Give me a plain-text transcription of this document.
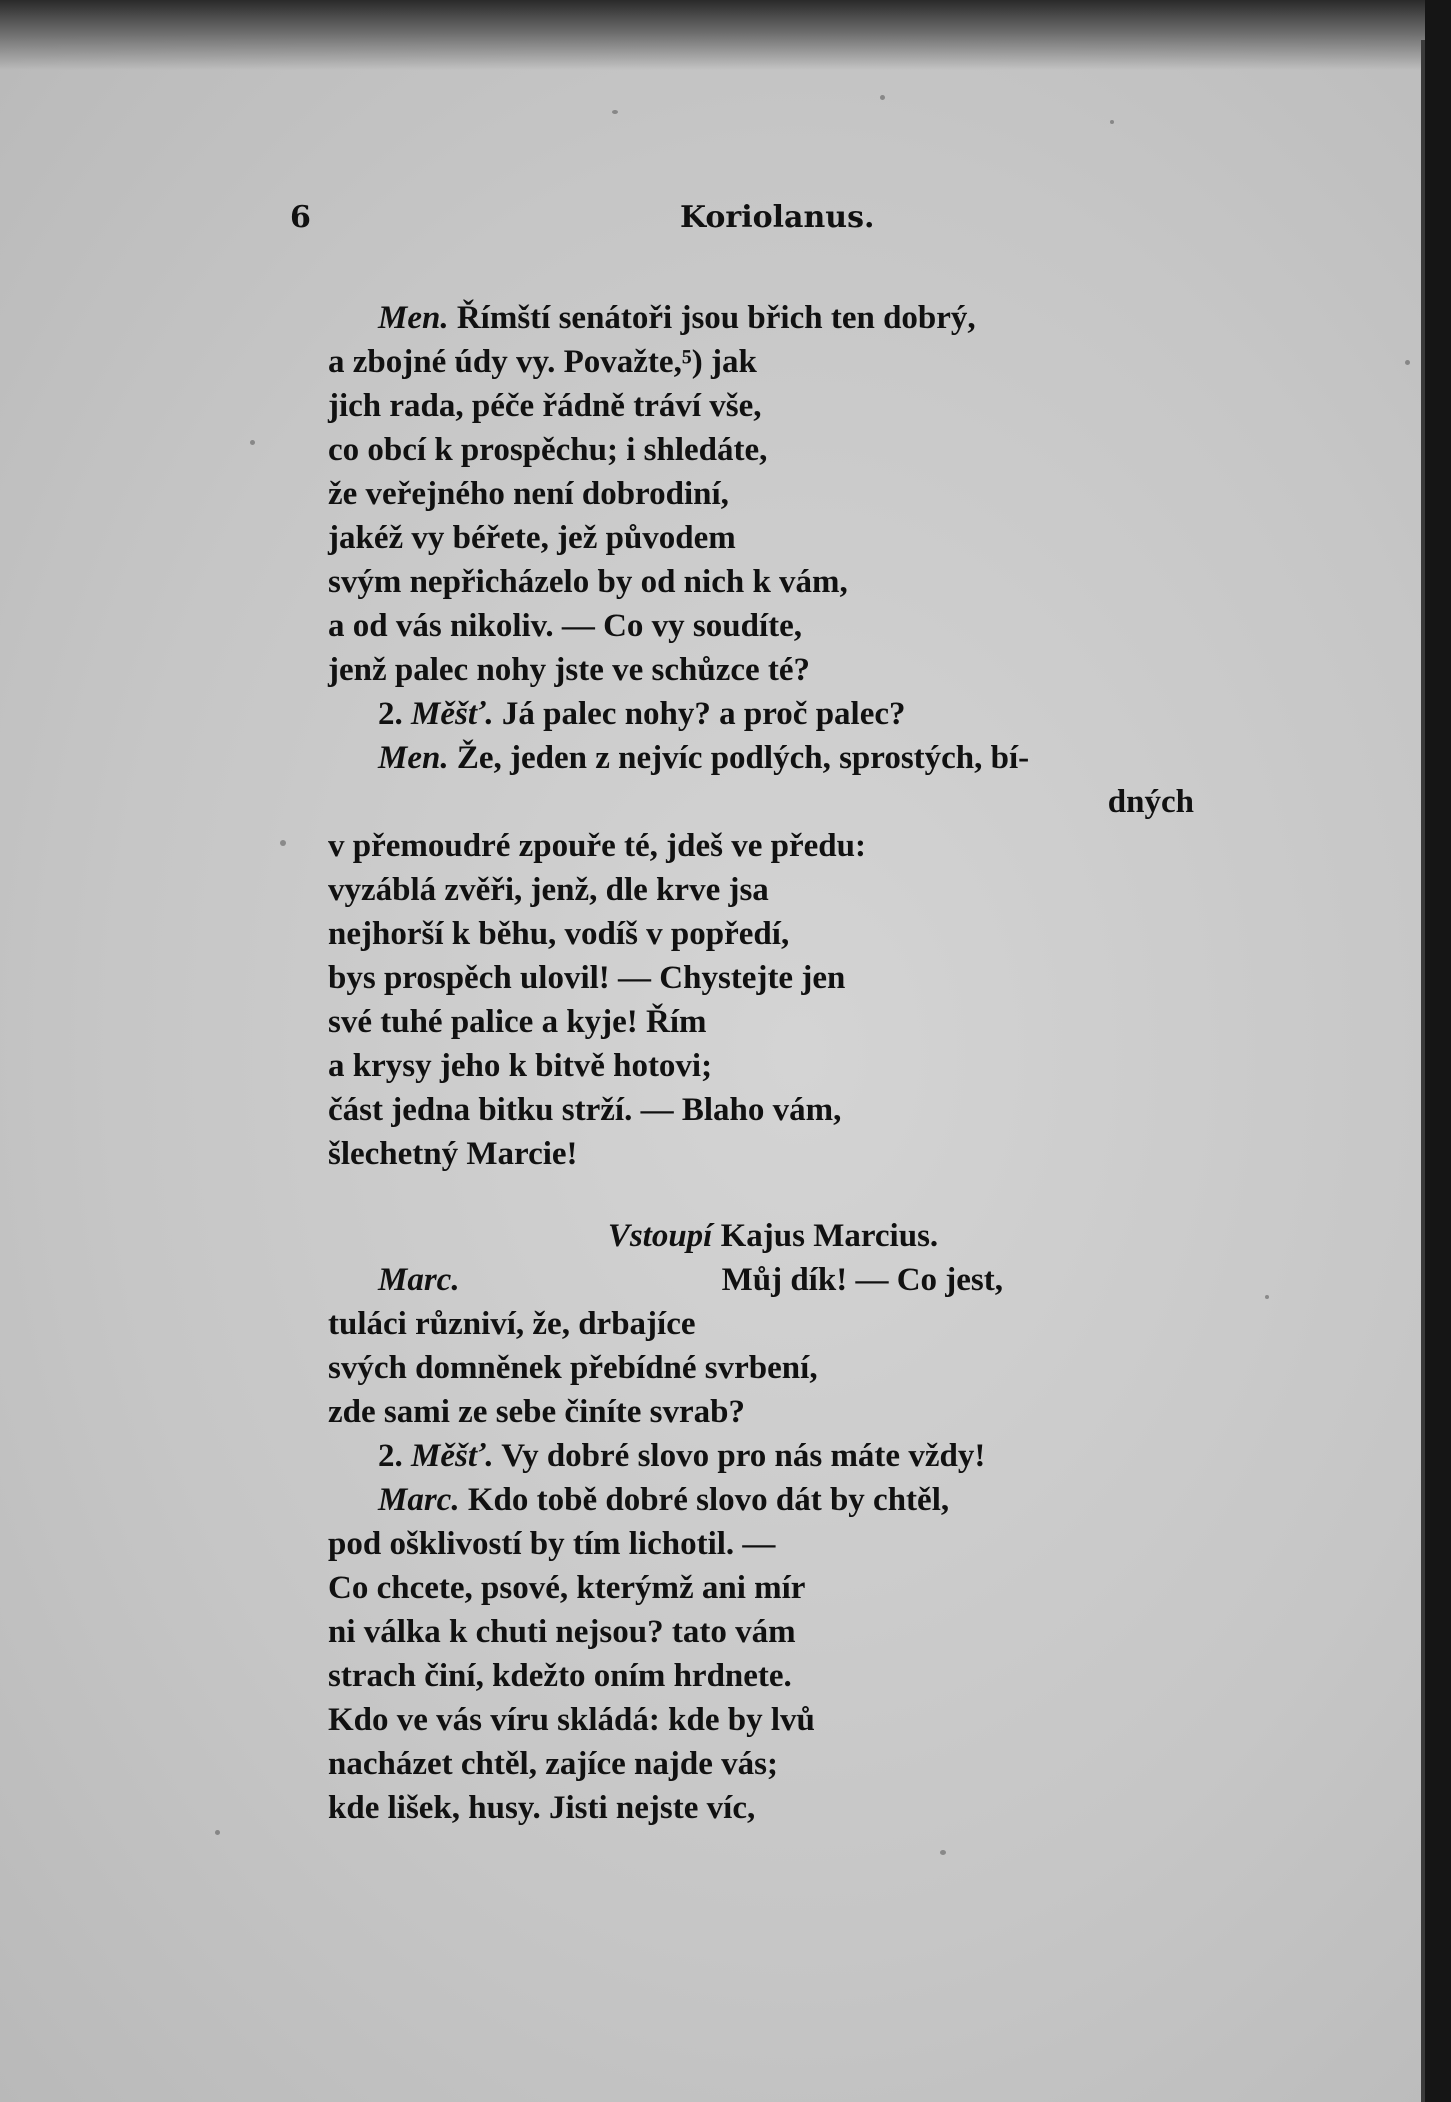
6	Koriolanus.
Men. Římští senátoři jsou břich ten dobrý,
a zbojné údy vy. Považte,⁵) jak
jich rada, péče řádně tráví vše,
co obcí k prospěchu; i shledáte,
že veřejného není dobrodiní,
jakéž vy béřete, jež původem
svým nepřicházelo by od nich k vám,
a od vás nikoliv. — Co vy soudíte,
jenž palec nohy jste ve schůzce té?
2. Měšť. Já palec nohy? a proč palec?
Men. Že, jeden z nejvíc podlých, sprostých, bí-
dných
v přemoudré zpouře té, jdeš ve předu:
vyzáblá zvěři, jenž, dle krve jsa
nejhorší k běhu, vodíš v popředí,
bys prospěch ulovil! — Chystejte jen
své tuhé palice a kyje! Řím
a krysy jeho k bitvě hotovi;
část jedna bitku strží. — Blaho vám,
šlechetný Marcie!
Vstoupí Kajus Marcius.
Marc.	Můj dík! — Co jest,
tuláci různiví, že, drbajíce
svých domněnek přebídné svrbení,
zde sami ze sebe činíte svrab?
2. Měšť. Vy dobré slovo pro nás máte vždy!
Marc. Kdo tobě dobré slovo dát by chtěl,
pod ošklivostí by tím lichotil. —
Co chcete, psové, kterýmž ani mír
ni válka k chuti nejsou? tato vám
strach činí, kdežto oním hrdnete.
Kdo ve vás víru skládá: kde by lvů
nacházet chtěl, zajíce najde vás;
kde lišek, husy. Jisti nejste víc,
